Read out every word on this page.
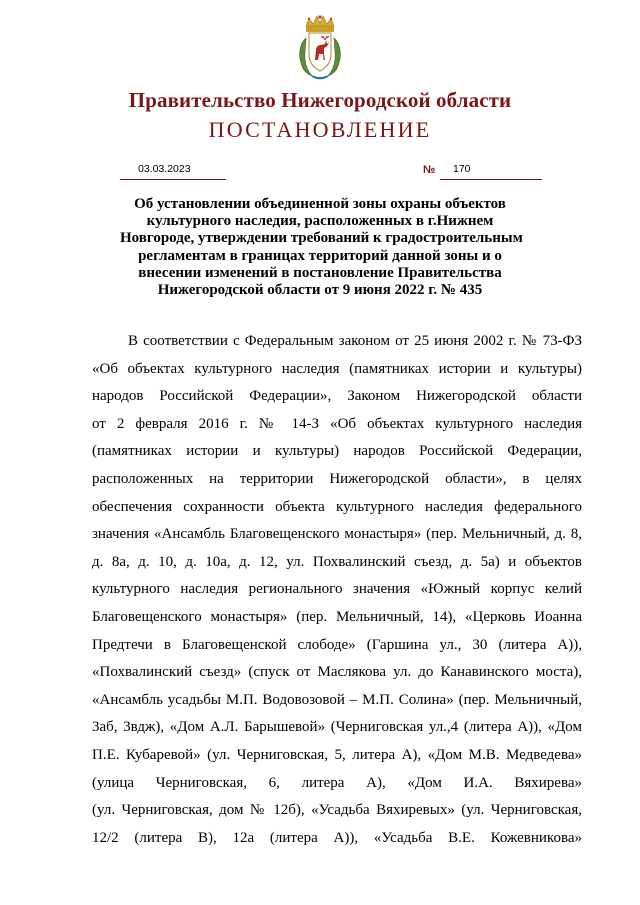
Правительство Нижегородской области
ПОСТАНОВЛЕНИЕ
03.03.2023	№ 170
Об установлении объединенной зоны охраны объектов
культурного наследия, расположенных в г.Нижнем
Новгороде, утверждении требований к градостроительным
регламентам в границах территорий данной зоны и о
внесении изменений в постановление Правительства
Нижегородской области от 9 июня 2022 г. № 435
В соответствии с Федеральным законом от 25 июня 2002 г. № 73-ФЗ
«Об объектах культурного наследия (памятниках истории и культуры)
народов Российской Федерации», Законом Нижегородской области
от 2 февраля 2016 г. № 14-З «Об объектах культурного наследия
(памятниках истории и культуры) народов Российской Федерации,
расположенных на территории Нижегородской области», в целях
обеспечения сохранности объекта культурного наследия федерального
значения «Ансамбль Благовещенского монастыря» (пер. Мельничный, д. 8,
д. 8а, д. 10, д. 10а, д. 12, ул. Похвалинский съезд, д. 5а) и объектов
культурного наследия регионального значения «Южный корпус келий
Благовещенского монастыря» (пер. Мельничный, 14), «Церковь Иоанна
Предтечи в Благовещенской слободе» (Гаршина ул., 30 (литера А)),
«Похвалинский съезд» (спуск от Маслякова ул. до Канавинского моста),
«Ансамбль усадьбы М.П. Водовозовой – М.П. Солина» (пер. Мельничный,
3аб, 3вдж), «Дом А.Л. Барышевой» (Черниговская ул.,4 (литера А)), «Дом
П.Е. Кубаревой» (ул. Черниговская, 5, литера А), «Дом М.В. Медведева»
(улица Черниговская, 6, литера А), «Дом И.А. Вяхирева»
(ул. Черниговская, дом № 12б), «Усадьба Вяхиревых» (ул. Черниговская,
12/2 (литера В), 12а (литера А)), «Усадьба В.Е. Кожевникова»
